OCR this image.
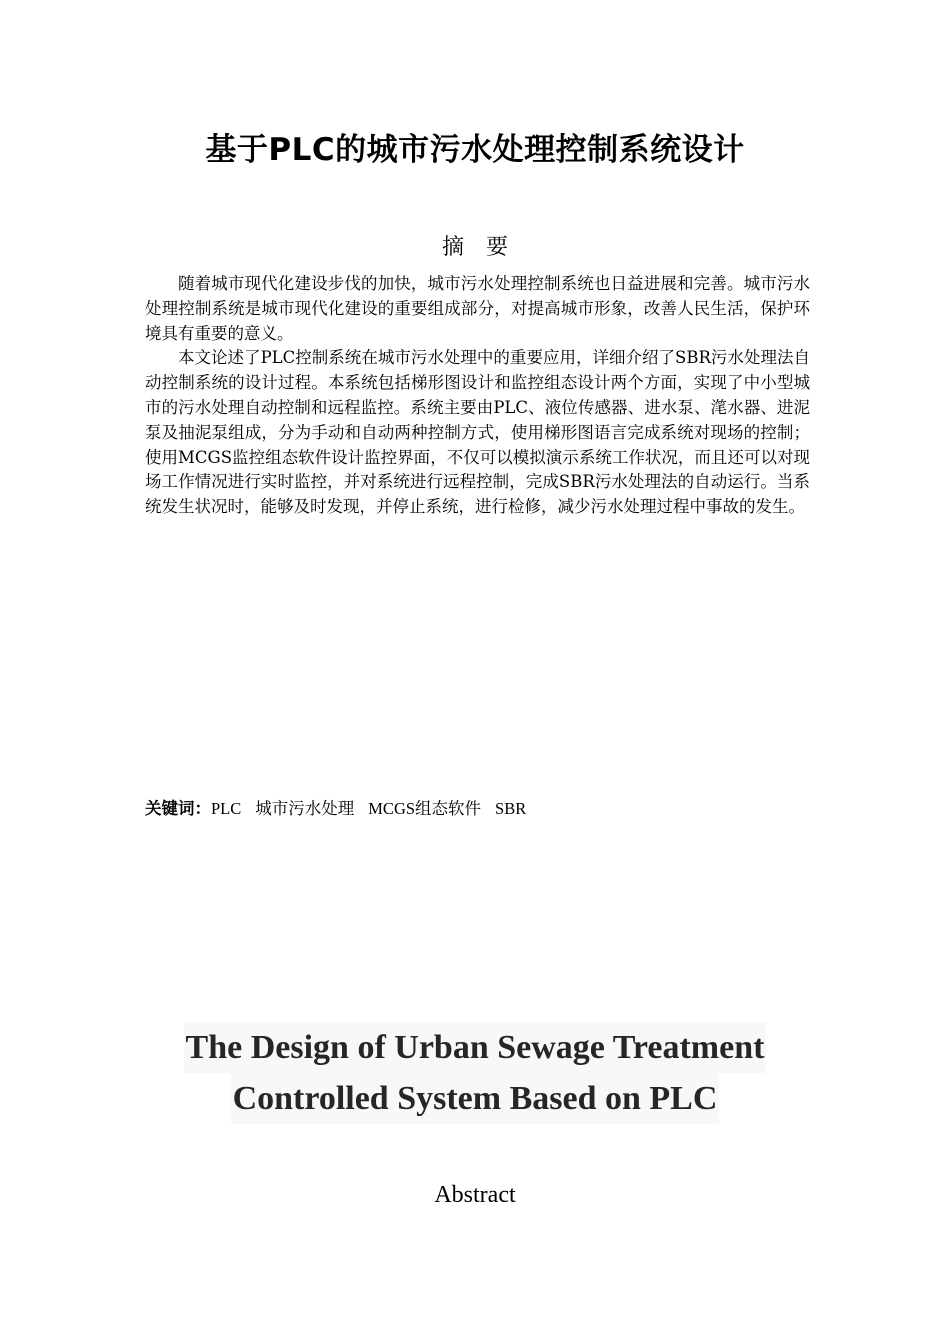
基于PLC的城市污水处理控制系统设计
摘要

随着城市现代化建设步伐的加快，城市污水处理控制系统也日益进展和完善。城市污水处理控制系统是城市现代化建设的重要组成部分，对提高城市形象，改善人民生活，保护环境具有重要的意义。

本文论述了PLC控制系统在城市污水处理中的重要应用，详细介绍了SBR污水处理法自动控制系统的设计过程。本系统包括梯形图设计和监控组态设计两个方面，实现了中小型城市的污水处理自动控制和远程监控。系统主要由PLC、液位传感器、进水泵、滗水器、进泥泵及抽泥泵组成，分为手动和自动两种控制方式，使用梯形图语言完成系统对现场的控制；使用MCGS监控组态软件设计监控界面，不仅可以模拟演示系统工作状况，而且还可以对现场工作情况进行实时监控，并对系统进行远程控制，完成SBR污水处理法的自动运行。当系统发生状况时，能够及时发现，并停止系统，进行检修，减少污水处理过程中事故的发生。

关键词：PLC 城市污水处理 MCGS组态软件 SBR
The Design of Urban Sewage Treatment
Controlled System Based on PLC
Abstract
